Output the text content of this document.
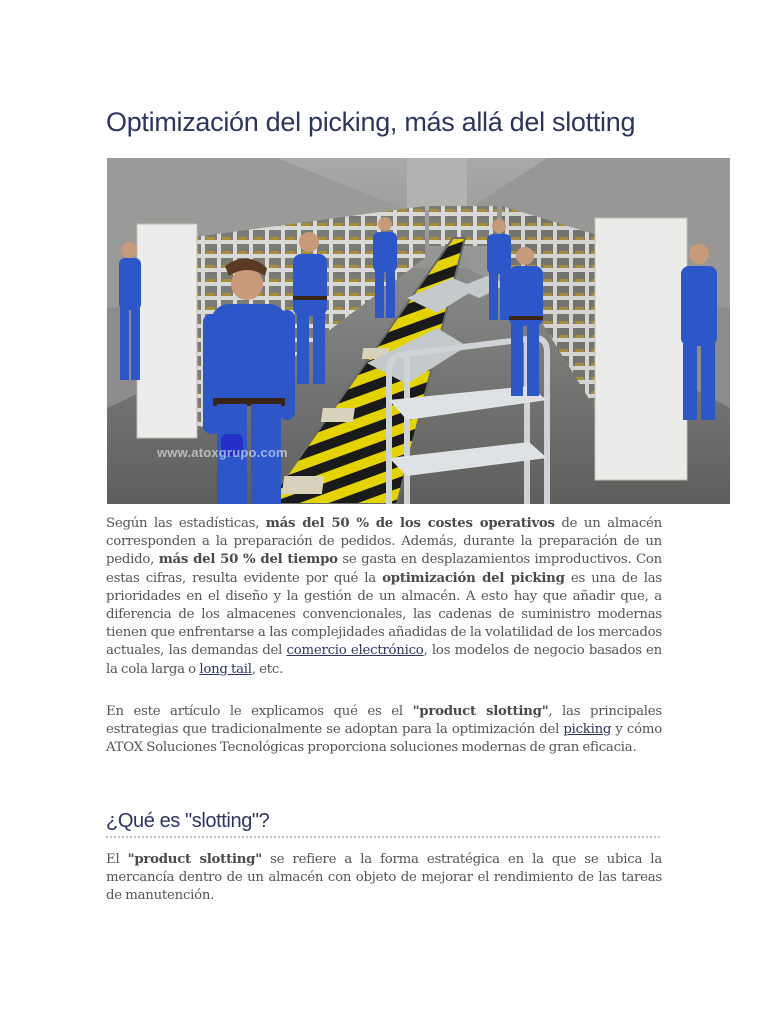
Optimización del picking, más allá del slotting
www.atoxgrupo.com

Según las estadísticas, más del 50 % de los costes operativos de un almacén corresponden a la preparación de pedidos. Además, durante la preparación de un pedido, más del 50 % del tiempo se gasta en desplazamientos improductivos. Con estas cifras, resulta evidente por qué la optimización del picking es una de las prioridades en el diseño y la gestión de un almacén. A esto hay que añadir que, a diferencia de los almacenes convencionales, las cadenas de suministro modernas tienen que enfrentarse a las complejidades añadidas de la volatilidad de los mercados actuales, las demandas del comercio electrónico, los modelos de negocio basados en la cola larga o long tail, etc.

En este artículo le explicamos qué es el "product slotting", las principales estrategias que tradicionalmente se adoptan para la optimización del picking y cómo ATOX Soluciones Tecnológicas proporciona soluciones modernas de gran eficacia.

¿Qué es "slotting"?

El "product slotting" se refiere a la forma estratégica en la que se ubica la mercancía dentro de un almacén con objeto de mejorar el rendimiento de las tareas de manutención.
